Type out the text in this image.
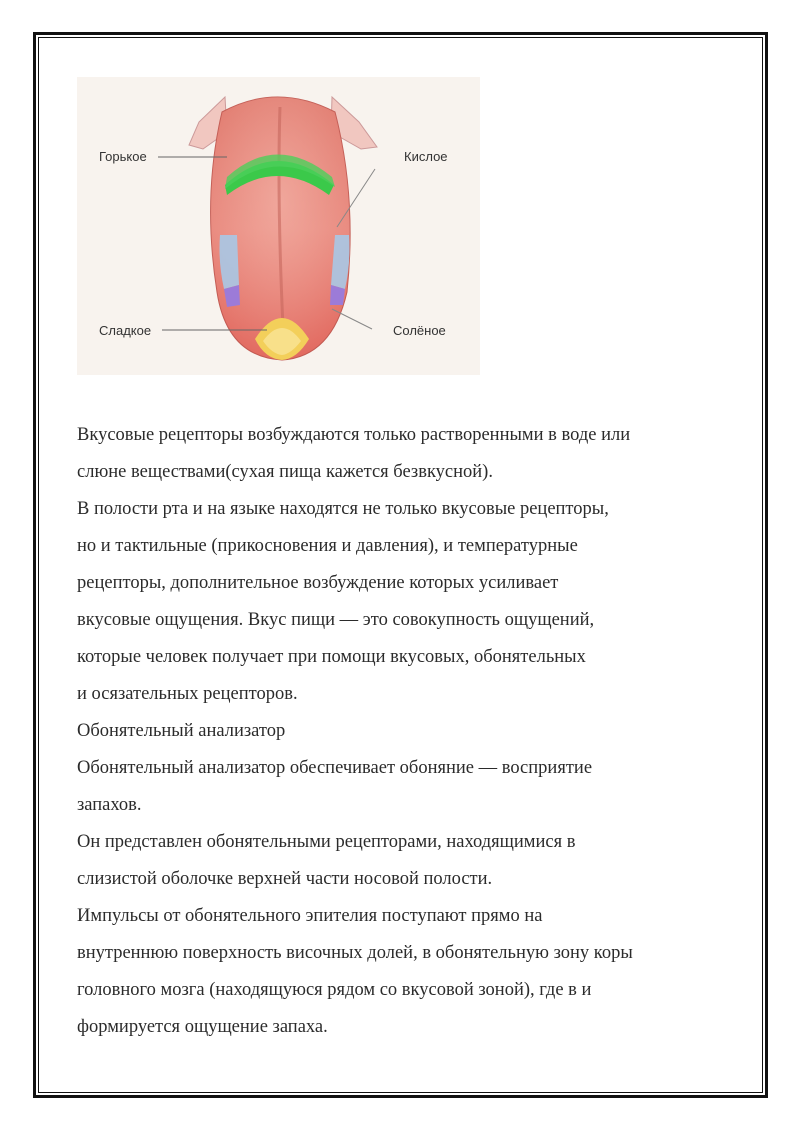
Горькое	Кислое
Сладкое	Солёное
Вкусовые рецепторы возбуждаются только растворенными в воде или
слюне веществами(сухая пища кажется безвкусной).
В полости рта и на языке находятся не только вкусовые рецепторы,
но и тактильные (прикосновения и давления), и температурные
рецепторы, дополнительное возбуждение которых усиливает
вкусовые ощущения. Вкус пищи — это совокупность ощущений,
которые человек получает при помощи вкусовых, обонятельных
и осязательных рецепторов.
Обонятельный анализатор
Обонятельный анализатор обеспечивает обоняние — восприятие
запахов.
Он представлен обонятельными рецепторами, находящимися в
слизистой оболочке верхней части носовой полости.
Импульсы от обонятельного эпителия поступают прямо на
внутреннюю поверхность височных долей, в обонятельную зону коры
головного мозга (находящуюся рядом со вкусовой зоной), где в и
формируется ощущение запаха.
